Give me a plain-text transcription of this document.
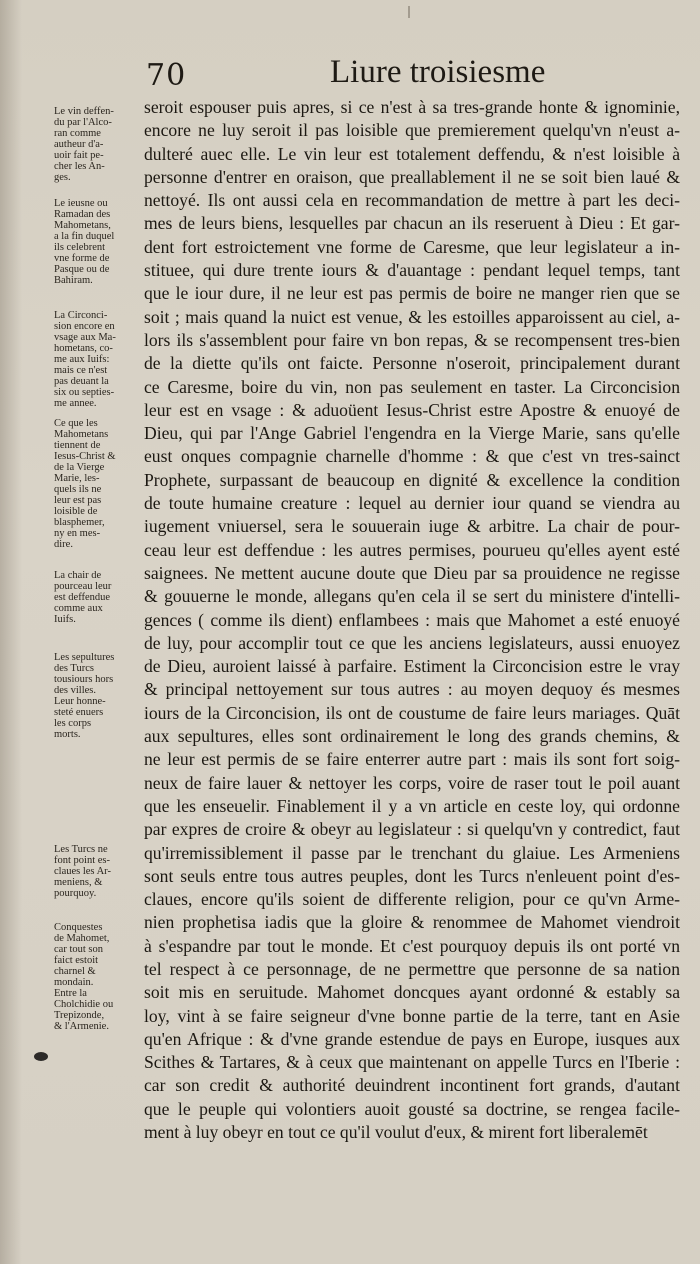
70	Liure troisiesme
Le vin deffen-
du par l'Alco-
ran comme
autheur d'a-
uoir fait pe-
cher les An-
ges.
Le ieusne ou
Ramadan des
Mahometans,
a la fin duquel
ils celebrent
vne forme de
Pasque ou de
Bahiram.
La Circonci-
sion encore en
vsage aux Ma-
hometans, co-
me aux Iuifs:
mais ce n'est
pas deuant la
six ou septies-
me annee.
Ce que les
Mahometans
tiennent de
Iesus-Christ &
de la Vierge
Marie, les-
quels ils ne
leur est pas
loisible de
blasphemer,
ny en mes-
dire.
La chair de
pourceau leur
est deffendue
comme aux
Iuifs.
Les sepultures
des Turcs
tousiours hors
des villes.
Leur honne-
steté enuers
les corps
morts.
Les Turcs ne
font point es-
claues les Ar-
meniens, &
pourquoy.
Conquestes
de Mahomet,
car tout son
faict estoit
charnel &
mondain.
Entre la
Cholchidie ou
Trepizonde,
& l'Armenie.
seroit espouser puis apres, si ce n'est à sa tres-grande honte & ignominie,
encore ne luy seroit il pas loisible que premierement quelqu'vn n'eust a-
dulteré auec elle. Le vin leur est totalement deffendu, & n'est loisible à
personne d'entrer en oraison, que preallablement il ne se soit bien laué &
nettoyé. Ils ont aussi cela en recommandation de mettre à part les deci-
mes de leurs biens, lesquelles par chacun an ils reseruent à Dieu : Et gar-
dent fort estroictement vne forme de Caresme, que leur legislateur a in-
stituee, qui dure trente iours & d'auantage : pendant lequel temps, tant
que le iour dure, il ne leur est pas permis de boire ne manger rien que se
soit ; mais quand la nuict est venue, & les estoilles apparoissent au ciel, a-
lors ils s'assemblent pour faire vn bon repas, & se recompensent tres-bien
de la diette qu'ils ont faicte. Personne n'oseroit, principalement durant
ce Caresme, boire du vin, non pas seulement en taster. La Circoncision
leur est en vsage : & aduoüent Iesus-Christ estre Apostre & enuoyé de
Dieu, qui par l'Ange Gabriel l'engendra en la Vierge Marie, sans qu'elle
eust onques compagnie charnelle d'homme : & que c'est vn tres-sainct
Prophete, surpassant de beaucoup en dignité & excellence la condition
de toute humaine creature : lequel au dernier iour quand se viendra au
iugement vniuersel, sera le souuerain iuge & arbitre. La chair de pour-
ceau leur est deffendue : les autres permises, pourueu qu'elles ayent esté
saignees. Ne mettent aucune doute que Dieu par sa prouidence ne regisse
& gouuerne le monde, allegans qu'en cela il se sert du ministere d'intelli-
gences ( comme ils dient) enflambees : mais que Mahomet a esté enuoyé
de luy, pour accomplir tout ce que les anciens legislateurs, aussi enuoyez
de Dieu, auroient laissé à parfaire. Estiment la Circoncision estre le vray
& principal nettoyement sur tous autres : au moyen dequoy és mesmes
iours de la Circoncision, ils ont de coustume de faire leurs mariages. Quāt
aux sepultures, elles sont ordinairement le long des grands chemins, &
ne leur est permis de se faire enterrer autre part : mais ils sont fort soig-
neux de faire lauer & nettoyer les corps, voire de raser tout le poil auant
que les enseuelir. Finablement il y a vn article en ceste loy, qui ordonne
par expres de croire & obeyr au legislateur : si quelqu'vn y contredict, faut
qu'irremissiblement il passe par le trenchant du glaiue. Les Armeniens
sont seuls entre tous autres peuples, dont les Turcs n'enleuent point d'es-
claues, encore qu'ils soient de differente religion, pour ce qu'vn Arme-
nien prophetisa iadis que la gloire & renommee de Mahomet viendroit
à s'espandre par tout le monde. Et c'est pourquoy depuis ils ont porté vn
tel respect à ce personnage, de ne permettre que personne de sa nation
soit mis en seruitude. Mahomet doncques ayant ordonné & estably sa
loy, vint à se faire seigneur d'vne bonne partie de la terre, tant en Asie
qu'en Afrique : & d'vne grande estendue de pays en Europe, iusques aux
Scithes & Tartares, & à ceux que maintenant on appelle Turcs en l'Iberie :
car son credit & authorité deuindrent incontinent fort grands, d'autant
que le peuple qui volontiers auoit gousté sa doctrine, se rengea facile-
ment à luy obeyr en tout ce qu'il voulut d'eux, & mirent fort liberalemēt
